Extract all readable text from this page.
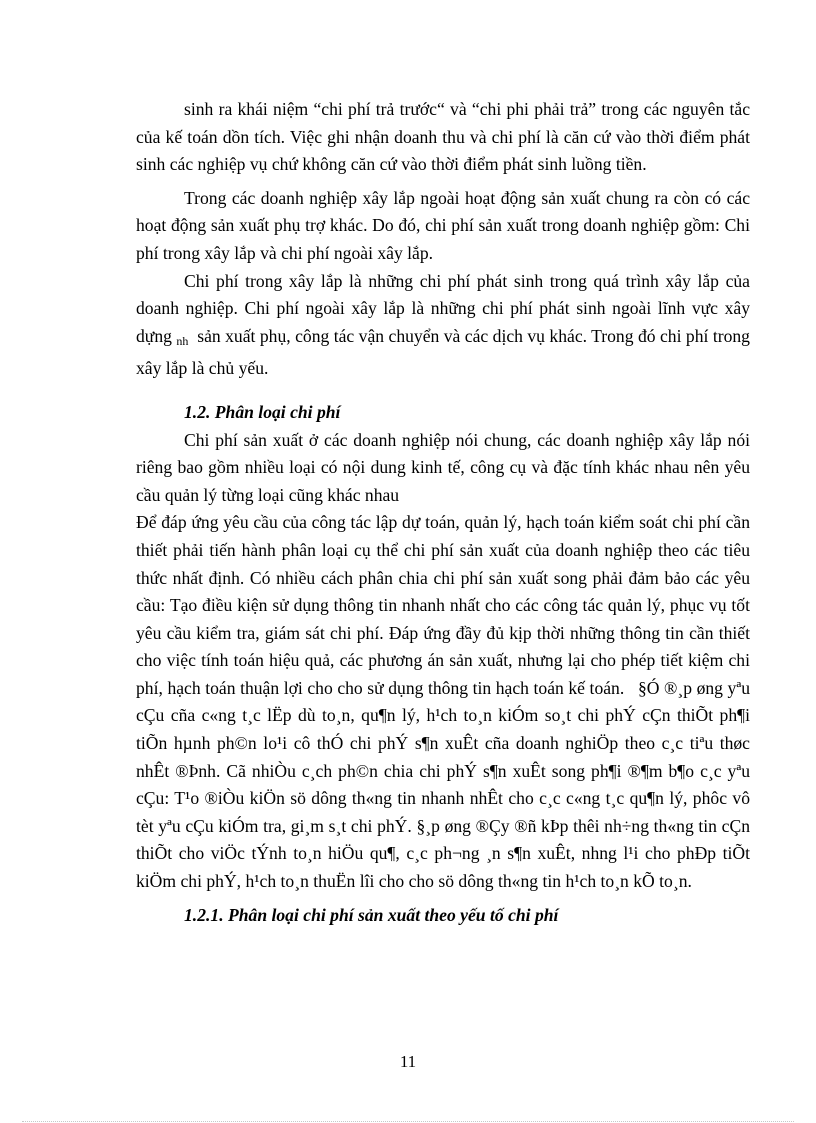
sinh ra khái niệm “chi phí trả trước“ và “chi phi phải trả” trong các nguyên tắc của kế toán dồn tích. Việc ghi nhận doanh thu và chi phí là căn cứ vào thời điểm phát sinh các nghiệp vụ chứ không căn cứ vào thời điểm phát sinh luồng tiền.

Trong các doanh nghiệp xây lắp ngoài hoạt động sản xuất chung ra còn có các hoạt động sản xuất phụ trợ khác. Do đó, chi phí sản xuất trong doanh nghiệp gồm: Chi phí trong xây lắp và chi phí ngoài xây lắp.

Chi phí trong xây lắp là những chi phí phát sinh trong quá trình xây lắp của doanh nghiệp. Chi phí ngoài xây lắp là những chi phí phát sinh ngoài lĩnh vực xây dựng nh sản xuất phụ, công tác vận chuyển và các dịch vụ khác. Trong đó chi phí trong xây lắp là chủ yếu.

1.2. Phân loại chi phí

Chi phí sản xuất ở các doanh nghiệp nói chung, các doanh nghiệp xây lắp nói riêng bao gồm nhiều loại có nội dung kinh tế, công cụ và đặc tính khác nhau nên yêu cầu quản lý từng loại cũng khác nhau

Để đáp ứng yêu cầu của công tác lập dự toán, quản lý, hạch toán kiểm soát chi phí cần thiết phải tiến hành phân loại cụ thể chi phí sản xuất của doanh nghiệp theo các tiêu thức nhất định. Có nhiều cách phân chia chi phí sản xuất song phải đảm bảo các yêu cầu: Tạo điều kiện sử dụng thông tin nhanh nhất cho các công tác quản lý, phục vụ tốt yêu cầu kiểm tra, giám sát chi phí. Đáp ứng đầy đủ kịp thời những thông tin cần thiết cho việc tính toán hiệu quả, các phương án sản xuất, nhưng lại cho phép tiết kiệm chi phí, hạch toán thuận lợi cho cho sử dụng thông tin hạch toán kế toán. §Ó ®¸p øng yªu cÇu cña c«ng t¸c lËp dù to¸n, qu¶n lý, h¹ch to¸n kiÓm so¸t chi phÝ cÇn thiÕt ph¶i tiÕn hµnh ph©n lo¹i cô thÓ chi phÝ s¶n xuÊt cña doanh nghiÖp theo c¸c tiªu thøc nhÊt ®Þnh. Cã nhiÒu c¸ch ph©n chia chi phÝ s¶n xuÊt song ph¶i ®¶m b¶o c¸c yªu cÇu: T¹o ®iÒu kiÖn sö dông th«ng tin nhanh nhÊt cho c¸c c«ng t¸c qu¶n lý, phôc vô tèt yªu cÇu kiÓm tra, gi¸m s¸t chi phÝ. §¸p øng ®Çy ®ñ kÞp thêi nh÷ng th«ng tin cÇn thiÕt cho viÖc tÝnh to¸n hiÖu qu¶, c¸c ph¬ng ¸n s¶n xuÊt, nhng l¹i cho phÐp tiÕt kiÖm chi phÝ, h¹ch to¸n thuËn lîi cho cho sö dông th«ng tin h¹ch to¸n kÕ to¸n.

1.2.1. Phân loại chi phí sản xuất theo yếu tố chi phí

11
